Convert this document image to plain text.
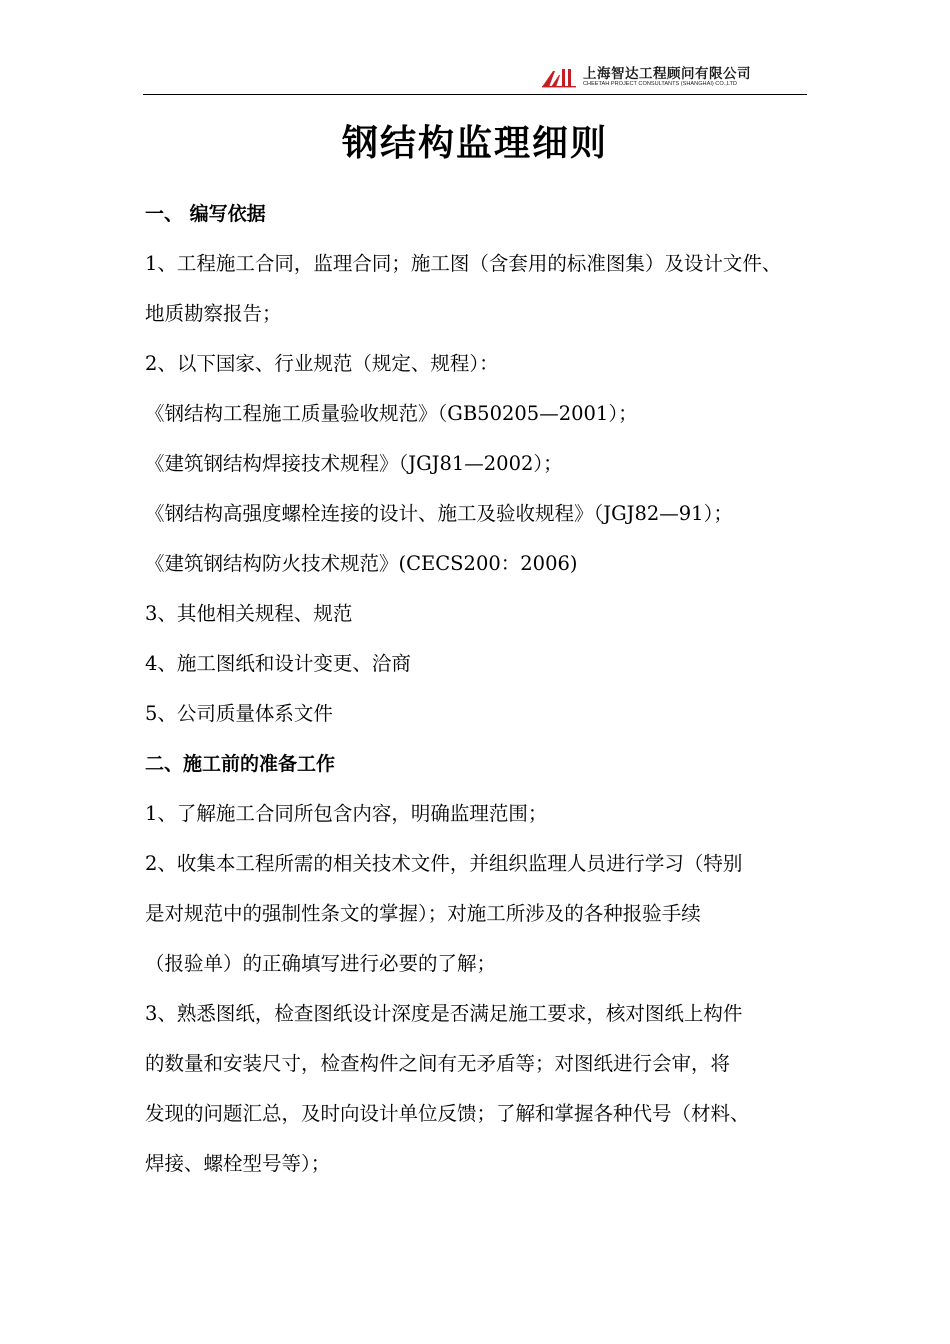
上海智达工程顾问有限公司
CHEETAH PROJECT CONSULTANTS (SHANGHAI) CO.,LTD
钢结构监理细则
一、 编写依据
1、工程施工合同，监理合同；施工图（含套用的标准图集）及设计文件、
地质勘察报告；
2、以下国家、行业规范（规定、规程）：
《钢结构工程施工质量验收规范》（GB50205—2001）；
《建筑钢结构焊接技术规程》（JGJ81—2002）；
《钢结构高强度螺栓连接的设计、施工及验收规程》（JGJ82—91）；
《建筑钢结构防火技术规范》(CECS200：2006)
3、其他相关规程、规范
4、施工图纸和设计变更、洽商
5、公司质量体系文件
二、施工前的准备工作
1、了解施工合同所包含内容，明确监理范围；
2、收集本工程所需的相关技术文件，并组织监理人员进行学习（特别
是对规范中的强制性条文的掌握）；对施工所涉及的各种报验手续
（报验单）的正确填写进行必要的了解；
3、熟悉图纸，检查图纸设计深度是否满足施工要求，核对图纸上构件
的数量和安装尺寸，检查构件之间有无矛盾等；对图纸进行会审，将
发现的问题汇总，及时向设计单位反馈；了解和掌握各种代号（材料、
焊接、螺栓型号等）；
